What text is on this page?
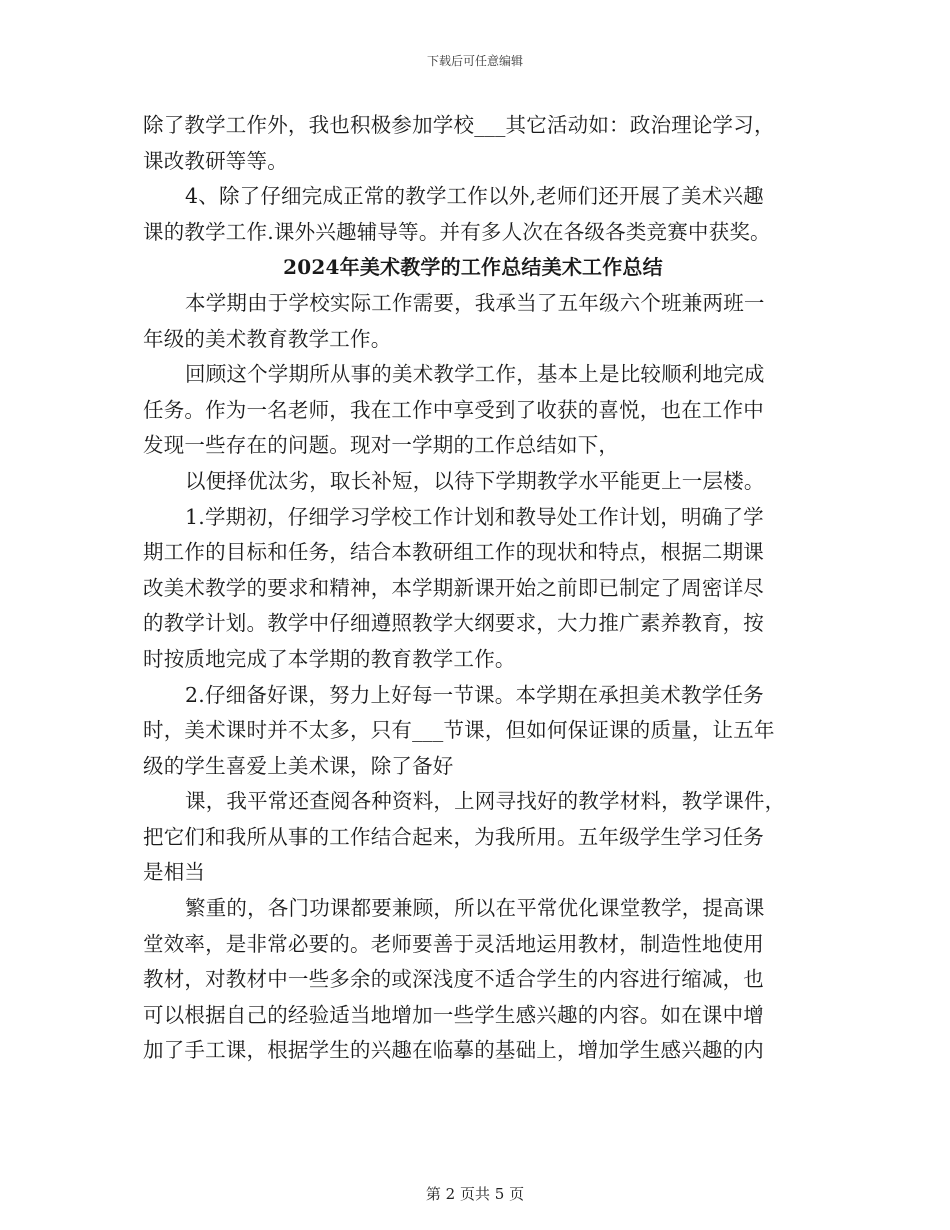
下载后可任意编辑
除了教学工作外，我也积极参加学校___其它活动如：政治理论学习，
课改教研等等。
4、除了仔细完成正常的教学工作以外,老师们还开展了美术兴趣
课的教学工作.课外兴趣辅导等。并有多人次在各级各类竞赛中获奖。
2024年美术教学的工作总结美术工作总结
本学期由于学校实际工作需要，我承当了五年级六个班兼两班一
年级的美术教育教学工作。
回顾这个学期所从事的美术教学工作，基本上是比较顺利地完成
任务。作为一名老师，我在工作中享受到了收获的喜悦，也在工作中
发现一些存在的问题。现对一学期的工作总结如下，
以便择优汰劣，取长补短，以待下学期教学水平能更上一层楼。
1.学期初，仔细学习学校工作计划和教导处工作计划，明确了学
期工作的目标和任务，结合本教研组工作的现状和特点，根据二期课
改美术教学的要求和精神，本学期新课开始之前即已制定了周密详尽
的教学计划。教学中仔细遵照教学大纲要求，大力推广素养教育，按
时按质地完成了本学期的教育教学工作。
2.仔细备好课，努力上好每一节课。本学期在承担美术教学任务
时，美术课时并不太多，只有___节课，但如何保证课的质量，让五年
级的学生喜爱上美术课，除了备好
课，我平常还查阅各种资料，上网寻找好的教学材料，教学课件，
把它们和我所从事的工作结合起来，为我所用。五年级学生学习任务
是相当
繁重的，各门功课都要兼顾，所以在平常优化课堂教学，提高课
堂效率，是非常必要的。老师要善于灵活地运用教材，制造性地使用
教材，对教材中一些多余的或深浅度不适合学生的内容进行缩减，也
可以根据自己的经验适当地增加一些学生感兴趣的内容。如在课中增
加了手工课，根据学生的兴趣在临摹的基础上，增加学生感兴趣的内
第 2 页共 5 页
